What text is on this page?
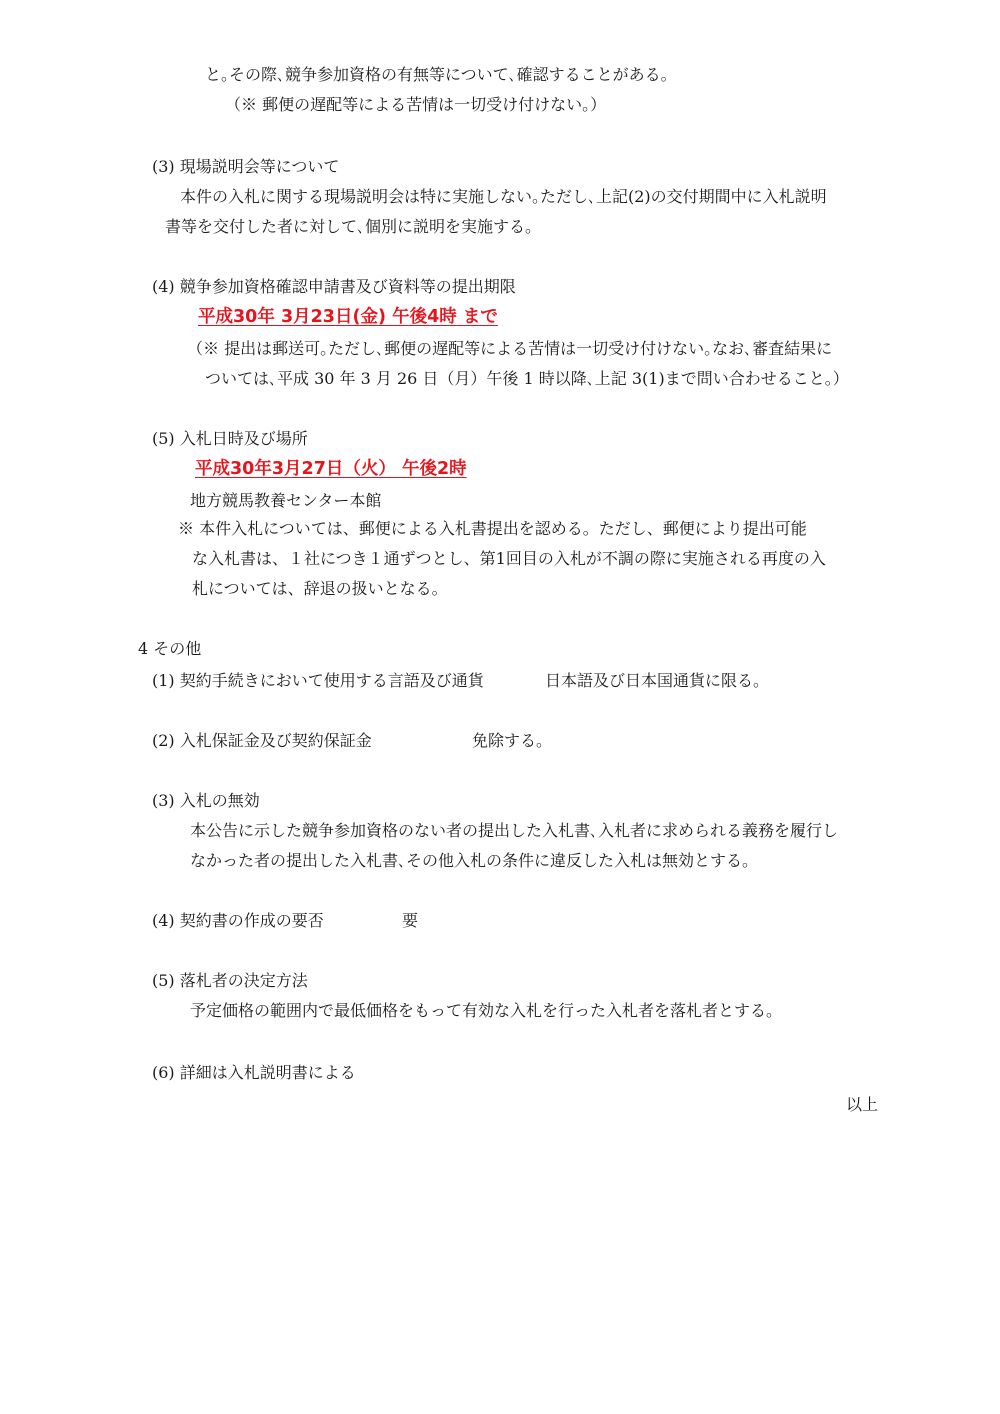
と｡その際､競争参加資格の有無等について､確認することがある｡
（※ 郵便の遅配等による苦情は一切受け付けない｡）
(3) 現場説明会等について
本件の入札に関する現場説明会は特に実施しない｡ただし､上記(2)の交付期間中に入札説明
書等を交付した者に対して､個別に説明を実施する｡
(4) 競争参加資格確認申請書及び資料等の提出期限
平成30年 3月23日(金) 午後4時 まで
（※ 提出は郵送可｡ただし､郵便の遅配等による苦情は一切受け付けない｡なお､審査結果に
ついては､平成 30 年 3 月 26 日（月）午後 1 時以降､上記 3(1)まで問い合わせること｡）
(5) 入札日時及び場所
平成30年3月27日（火） 午後2時
地方競馬教養センター本館
※ 本件入札については、郵便による入札書提出を認める。ただし、郵便により提出可能
な入札書は、１社につき１通ずつとし、第1回目の入札が不調の際に実施される再度の入
札については、辞退の扱いとなる。
4 その他
(1) 契約手続きにおいて使用する言語及び通貨	日本語及び日本国通貨に限る。
(2) 入札保証金及び契約保証金	免除する。
(3) 入札の無効
本公告に示した競争参加資格のない者の提出した入札書､入札者に求められる義務を履行し
なかった者の提出した入札書､その他入札の条件に違反した入札は無効とする｡
(4) 契約書の作成の要否	要
(5) 落札者の決定方法
予定価格の範囲内で最低価格をもって有効な入札を行った入札者を落札者とする。
(6) 詳細は入札説明書による
以上
